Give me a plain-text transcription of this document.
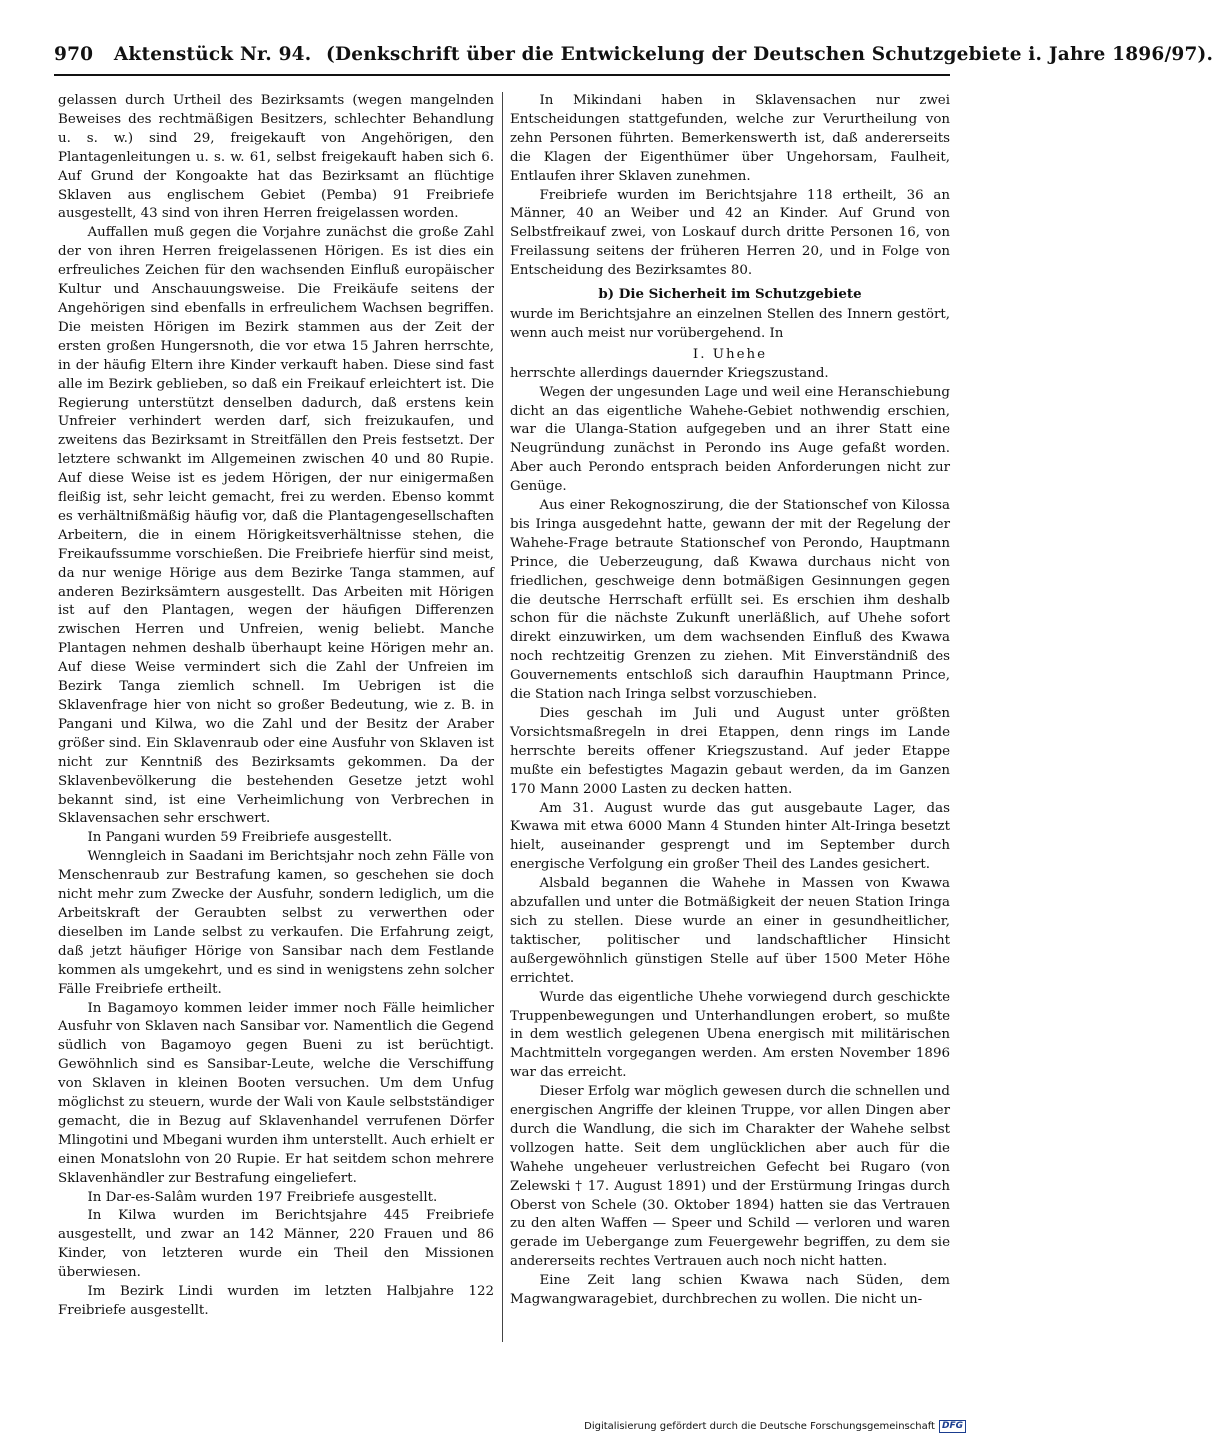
970 Aktenstück Nr. 94. (Denkschrift über die Entwickelung der Deutschen Schutzgebiete i. Jahre 1896/97).

gelassen durch Urtheil des Bezirksamts (wegen mangelnden Beweises des rechtmäßigen Besitzers, schlechter Behandlung u. s. w.) sind 29, freigekauft von Angehörigen, den Plantagenleitungen u. s. w. 61, selbst freigekauft haben sich 6. Auf Grund der Kongoakte hat das Bezirksamt an flüchtige Sklaven aus englischem Gebiet (Pemba) 91 Freibriefe ausgestellt, 43 sind von ihren Herren freigelassen worden.

Auffallen muß gegen die Vorjahre zunächst die große Zahl der von ihren Herren freigelassenen Hörigen. Es ist dies ein erfreuliches Zeichen für den wachsenden Einfluß europäischer Kultur und Anschauungsweise. Die Freikäufe seitens der Angehörigen sind ebenfalls in erfreulichem Wachsen begriffen. Die meisten Hörigen im Bezirk stammen aus der Zeit der ersten großen Hungersnoth, die vor etwa 15 Jahren herrschte, in der häufig Eltern ihre Kinder verkauft haben. Diese sind fast alle im Bezirk geblieben, so daß ein Freikauf erleichtert ist. Die Regierung unterstützt denselben dadurch, daß erstens kein Unfreier verhindert werden darf, sich freizukaufen, und zweitens das Bezirksamt in Streitfällen den Preis festsetzt. Der letztere schwankt im Allgemeinen zwischen 40 und 80 Rupie. Auf diese Weise ist es jedem Hörigen, der nur einigermaßen fleißig ist, sehr leicht gemacht, frei zu werden. Ebenso kommt es verhältnißmäßig häufig vor, daß die Plantagengesellschaften Arbeitern, die in einem Hörigkeitsverhältnisse stehen, die Freikaufssumme vorschießen. Die Freibriefe hierfür sind meist, da nur wenige Hörige aus dem Bezirke Tanga stammen, auf anderen Bezirksämtern ausgestellt. Das Arbeiten mit Hörigen ist auf den Plantagen, wegen der häufigen Differenzen zwischen Herren und Unfreien, wenig beliebt. Manche Plantagen nehmen deshalb überhaupt keine Hörigen mehr an. Auf diese Weise vermindert sich die Zahl der Unfreien im Bezirk Tanga ziemlich schnell. Im Uebrigen ist die Sklavenfrage hier von nicht so großer Bedeutung, wie z. B. in Pangani und Kilwa, wo die Zahl und der Besitz der Araber größer sind. Ein Sklavenraub oder eine Ausfuhr von Sklaven ist nicht zur Kenntniß des Bezirksamts gekommen. Da der Sklavenbevölkerung die bestehenden Gesetze jetzt wohl bekannt sind, ist eine Verheimlichung von Verbrechen in Sklavensachen sehr erschwert.

In Pangani wurden 59 Freibriefe ausgestellt.

Wenngleich in Saadani im Berichtsjahr noch zehn Fälle von Menschenraub zur Bestrafung kamen, so geschehen sie doch nicht mehr zum Zwecke der Ausfuhr, sondern lediglich, um die Arbeitskraft der Geraubten selbst zu verwerthen oder dieselben im Lande selbst zu verkaufen. Die Erfahrung zeigt, daß jetzt häufiger Hörige von Sansibar nach dem Festlande kommen als umgekehrt, und es sind in wenigstens zehn solcher Fälle Freibriefe ertheilt.

In Bagamoyo kommen leider immer noch Fälle heimlicher Ausfuhr von Sklaven nach Sansibar vor. Namentlich die Gegend südlich von Bagamoyo gegen Bueni zu ist berüchtigt. Gewöhnlich sind es Sansibar-Leute, welche die Verschiffung von Sklaven in kleinen Booten versuchen. Um dem Unfug möglichst zu steuern, wurde der Wali von Kaule selbstständiger gemacht, die in Bezug auf Sklavenhandel verrufenen Dörfer Mlingotini und Mbegani wurden ihm unterstellt. Auch erhielt er einen Monatslohn von 20 Rupie. Er hat seitdem schon mehrere Sklavenhändler zur Bestrafung eingeliefert.

In Dar-es-Salâm wurden 197 Freibriefe ausgestellt.

In Kilwa wurden im Berichtsjahre 445 Freibriefe ausgestellt, und zwar an 142 Männer, 220 Frauen und 86 Kinder, von letzteren wurde ein Theil den Missionen überwiesen.

Im Bezirk Lindi wurden im letzten Halbjahre 122 Freibriefe ausgestellt.

In Mikindani haben in Sklavensachen nur zwei Entscheidungen stattgefunden, welche zur Verurtheilung von zehn Personen führten. Bemerkenswerth ist, daß andererseits die Klagen der Eigenthümer über Ungehorsam, Faulheit, Entlaufen ihrer Sklaven zunehmen.

Freibriefe wurden im Berichtsjahre 118 ertheilt, 36 an Männer, 40 an Weiber und 42 an Kinder. Auf Grund von Selbstfreikauf zwei, von Loskauf durch dritte Personen 16, von Freilassung seitens der früheren Herren 20, und in Folge von Entscheidung des Bezirksamtes 80.

b) Die Sicherheit im Schutzgebiete

wurde im Berichtsjahre an einzelnen Stellen des Innern gestört, wenn auch meist nur vorübergehend. In

I. Uhehe

herrschte allerdings dauernder Kriegszustand.

Wegen der ungesunden Lage und weil eine Heranschiebung dicht an das eigentliche Wahehe-Gebiet nothwendig erschien, war die Ulanga-Station aufgegeben und an ihrer Statt eine Neugründung zunächst in Perondo ins Auge gefaßt worden. Aber auch Perondo entsprach beiden Anforderungen nicht zur Genüge.

Aus einer Rekognoszirung, die der Stationschef von Kilossa bis Iringa ausgedehnt hatte, gewann der mit der Regelung der Wahehe-Frage betraute Stationschef von Perondo, Hauptmann Prince, die Ueberzeugung, daß Kwawa durchaus nicht von friedlichen, geschweige denn botmäßigen Gesinnungen gegen die deutsche Herrschaft erfüllt sei. Es erschien ihm deshalb schon für die nächste Zukunft unerläßlich, auf Uhehe sofort direkt einzuwirken, um dem wachsenden Einfluß des Kwawa noch rechtzeitig Grenzen zu ziehen. Mit Einverständniß des Gouvernements entschloß sich daraufhin Hauptmann Prince, die Station nach Iringa selbst vorzuschieben.

Dies geschah im Juli und August unter größten Vorsichtsmaßregeln in drei Etappen, denn rings im Lande herrschte bereits offener Kriegszustand. Auf jeder Etappe mußte ein befestigtes Magazin gebaut werden, da im Ganzen 170 Mann 2000 Lasten zu decken hatten.

Am 31. August wurde das gut ausgebaute Lager, das Kwawa mit etwa 6000 Mann 4 Stunden hinter Alt-Iringa besetzt hielt, auseinander gesprengt und im September durch energische Verfolgung ein großer Theil des Landes gesichert.

Alsbald begannen die Wahehe in Massen von Kwawa abzufallen und unter die Botmäßigkeit der neuen Station Iringa sich zu stellen. Diese wurde an einer in gesundheitlicher, taktischer, politischer und landschaftlicher Hinsicht außergewöhnlich günstigen Stelle auf über 1500 Meter Höhe errichtet.

Wurde das eigentliche Uhehe vorwiegend durch geschickte Truppenbewegungen und Unterhandlungen erobert, so mußte in dem westlich gelegenen Ubena energisch mit militärischen Machtmitteln vorgegangen werden. Am ersten November 1896 war das erreicht.

Dieser Erfolg war möglich gewesen durch die schnellen und energischen Angriffe der kleinen Truppe, vor allen Dingen aber durch die Wandlung, die sich im Charakter der Wahehe selbst vollzogen hatte. Seit dem unglücklichen aber auch für die Wahehe ungeheuer verlustreichen Gefecht bei Rugaro (von Zelewski † 17. August 1891) und der Erstürmung Iringas durch Oberst von Schele (30. Oktober 1894) hatten sie das Vertrauen zu den alten Waffen — Speer und Schild — verloren und waren gerade im Uebergange zum Feuergewehr begriffen, zu dem sie andererseits rechtes Vertrauen auch noch nicht hatten.

Eine Zeit lang schien Kwawa nach Süden, dem Magwangwaragebiet, durchbrechen zu wollen. Die nicht un-

Digitalisierung gefördert durch die Deutsche Forschungsgemeinschaft DFG
